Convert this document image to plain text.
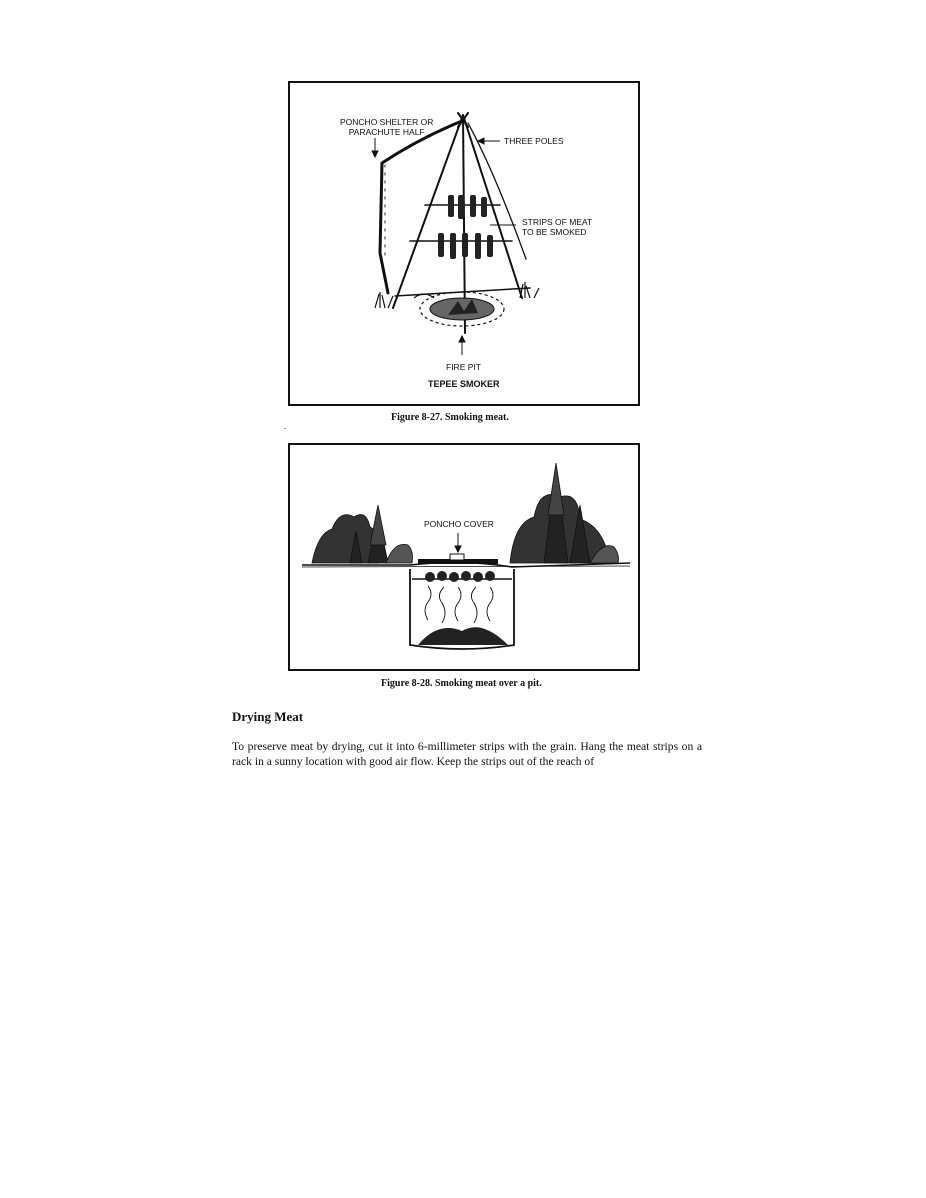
PONCHO SHELTER OR
PARACHUTE HALF
THREE POLES
STRIPS OF MEAT
TO BE SMOKED
FIRE PIT
TEPEE SMOKER
Figure 8-27. Smoking meat.
PONCHO COVER
Figure 8-28. Smoking meat over a pit.
Drying Meat
To preserve meat by drying, cut it into 6-millimeter strips with the grain. Hang the meat strips on a rack in a sunny location with good air flow. Keep the strips out of the reach of
